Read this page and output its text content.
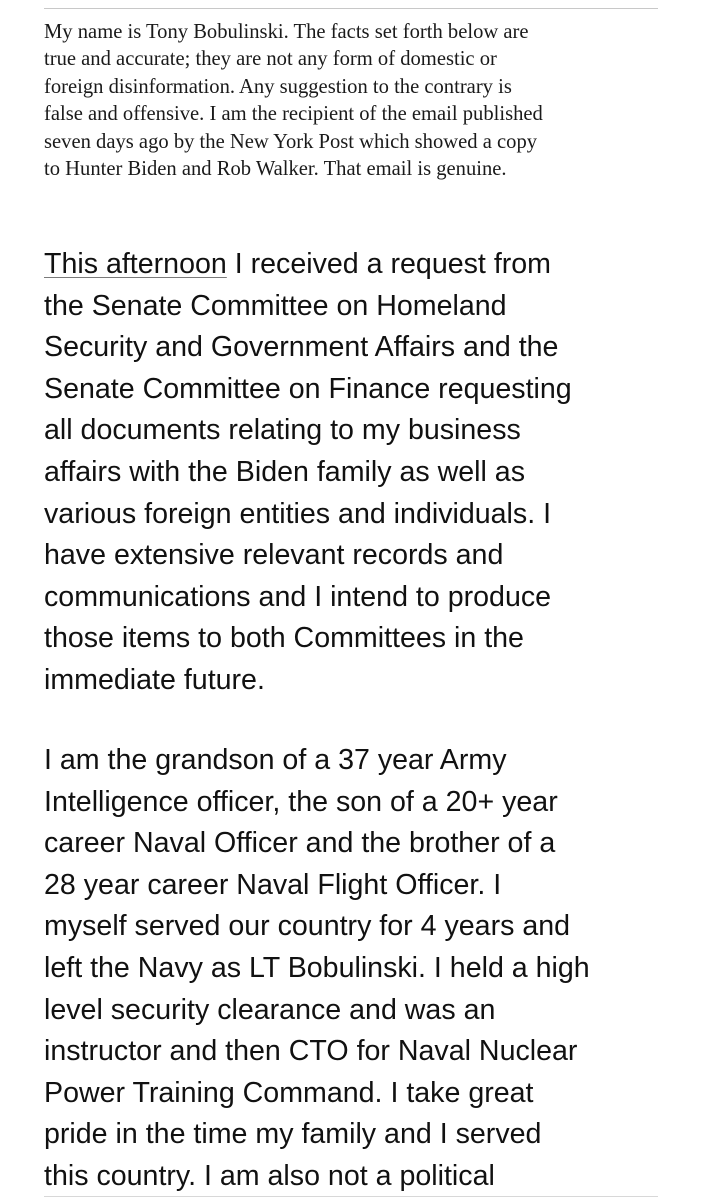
My name is Tony Bobulinski. The facts set forth below are
true and accurate; they are not any form of domestic or
foreign disinformation. Any suggestion to the contrary is
false and offensive. I am the recipient of the email published
seven days ago by the New York Post which showed a copy
to Hunter Biden and Rob Walker. That email is genuine.
This afternoon I received a request from
the Senate Committee on Homeland
Security and Government Affairs and the
Senate Committee on Finance requesting
all documents relating to my business
affairs with the Biden family as well as
various foreign entities and individuals. I
have extensive relevant records and
communications and I intend to produce
those items to both Committees in the
immediate future.
I am the grandson of a 37 year Army
Intelligence officer, the son of a 20+ year
career Naval Officer and the brother of a
28 year career Naval Flight Officer. I
myself served our country for 4 years and
left the Navy as LT Bobulinski. I held a high
level security clearance and was an
instructor and then CTO for Naval Nuclear
Power Training Command. I take great
pride in the time my family and I served
this country. I am also not a political
